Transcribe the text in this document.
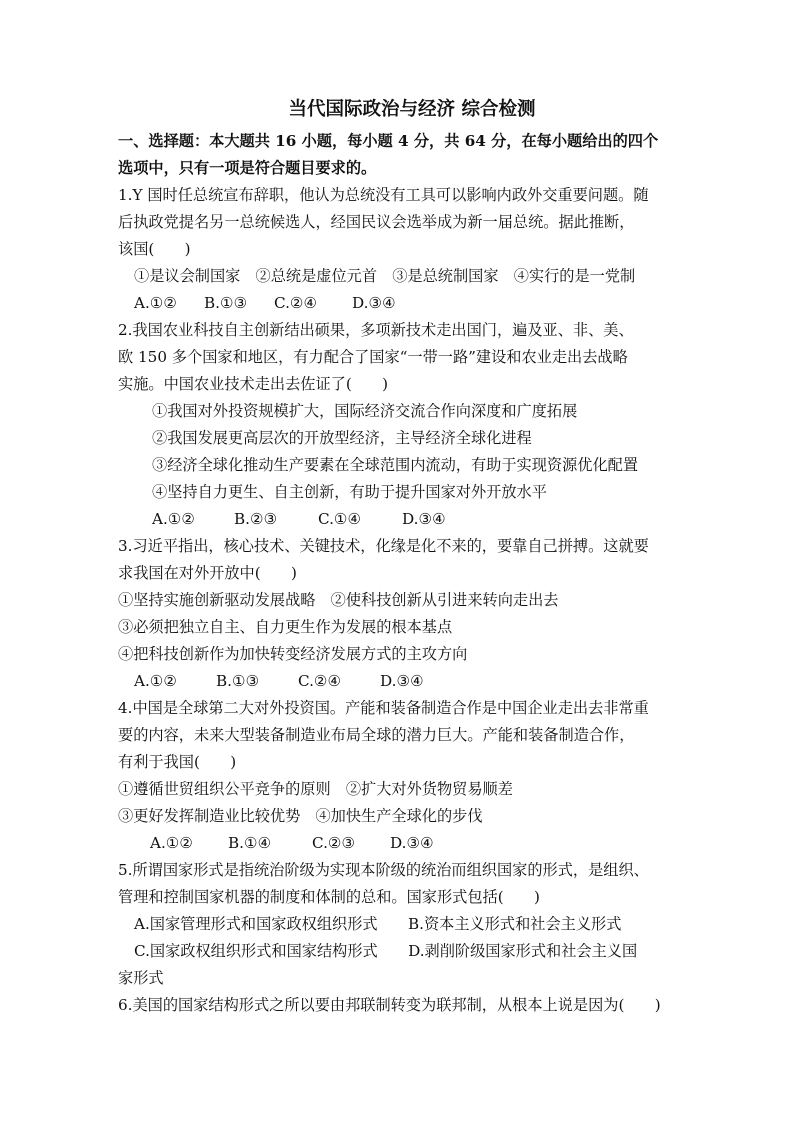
当代国际政治与经济 综合检测
一、选择题：本大题共 16 小题，每小题 4 分，共 64 分，在每小题给出的四个
选项中，只有一项是符合题目要求的。
1.Y 国时任总统宣布辞职，他认为总统没有工具可以影响内政外交重要问题。随
后执政党提名另一总统候选人，经国民议会选举成为新一届总统。据此推断，
该国(　　)
①是议会制国家　②总统是虚位元首　③是总统制国家　④实行的是一党制
A.①②	B.①③	C.②④	D.③④
2.我国农业科技自主创新结出硕果，多项新技术走出国门，遍及亚、非、美、
欧 150 多个国家和地区，有力配合了国家“一带一路”建设和农业走出去战略
实施。中国农业技术走出去佐证了(　　)
①我国对外投资规模扩大，国际经济交流合作向深度和广度拓展
②我国发展更高层次的开放型经济，主导经济全球化进程
③经济全球化推动生产要素在全球范围内流动，有助于实现资源优化配置
④坚持自力更生、自主创新，有助于提升国家对外开放水平
A.①②	B.②③	C.①④	D.③④
3.习近平指出，核心技术、关键技术，化缘是化不来的，要靠自己拼搏。这就要
求我国在对外开放中(　　)
①坚持实施创新驱动发展战略　②使科技创新从引进来转向走出去
③必须把独立自主、自力更生作为发展的根本基点
④把科技创新作为加快转变经济发展方式的主攻方向
A.①②	B.①③	C.②④	D.③④
4.中国是全球第二大对外投资国。产能和装备制造合作是中国企业走出去非常重
要的内容，未来大型装备制造业布局全球的潜力巨大。产能和装备制造合作，
有利于我国(　　)
①遵循世贸组织公平竞争的原则　②扩大对外货物贸易顺差
③更好发挥制造业比较优势　④加快生产全球化的步伐
A.①②	B.①④	C.②③	D.③④
5.所谓国家形式是指统治阶级为实现本阶级的统治而组织国家的形式，是组织、
管理和控制国家机器的制度和体制的总和。国家形式包括(　　)
A.国家管理形式和国家政权组织形式　　B.资本主义形式和社会主义形式
C.国家政权组织形式和国家结构形式　　D.剥削阶级国家形式和社会主义国
家形式
6.美国的国家结构形式之所以要由邦联制转变为联邦制，从根本上说是因为(　　)
